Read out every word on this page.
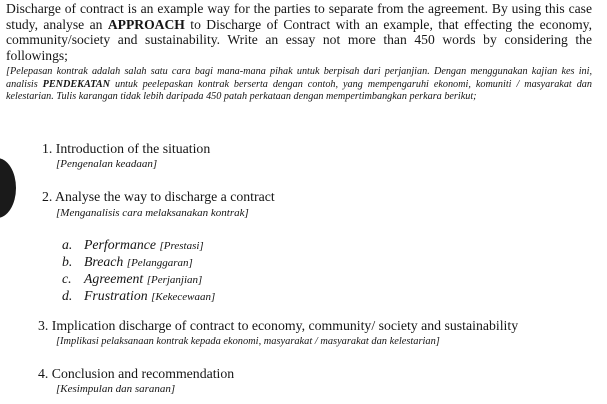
Discharge of contract is an example way for the parties to separate from the agreement. By using this case study, analyse an APPROACH to Discharge of Contract with an example, that effecting the economy, community/society and sustainability. Write an essay not more than 450 words by considering the followings;
[Pelepasan kontrak adalah salah satu cara bagi mana-mana pihak untuk berpisah dari perjanjian. Dengan menggunakan kajian kes ini, analisis PENDEKATAN untuk peelepaskan kontrak berserta dengan contoh, yang mempengaruhi ekonomi, komuniti / masyarakat dan kelestarian. Tulis karangan tidak lebih daripada 450 patah perkataan dengan mempertimbangkan perkara berikut;
1. Introduction of the situation
[Pengenalan keadaan]
2. Analyse the way to discharge a contract
[Menganalisis cara melaksanakan kontrak]
a. Performance [Prestasi]
b. Breach [Pelanggaran]
c. Agreement [Perjanjian]
d. Frustration [Kekecewaan]
3. Implication discharge of contract to economy, community/ society and sustainability
[Implikasi pelaksanaan kontrak kepada ekonomi, masyarakat / masyarakat dan kelestarian]
4. Conclusion and recommendation
[Kesimpulan dan saranan]
